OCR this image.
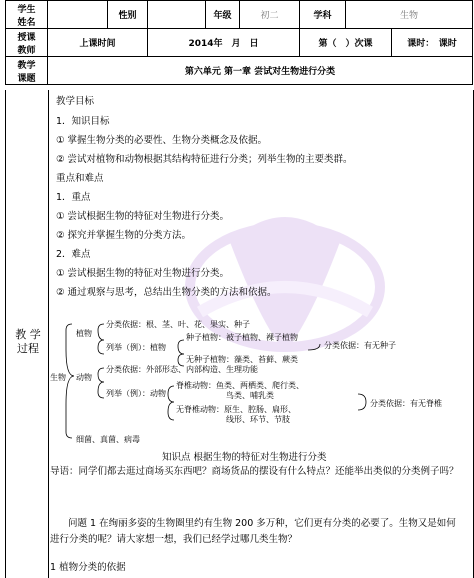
学生
姓名		性别		年级	初二	学科	生物	
授课
教师	上课时间		2014年　月　日			第（　）次课		课时：　课时
教学
课题	第六单元 第一章 尝试对生物进行分类							
教 学
过程
教学目标
1．知识目标
① 掌握生物分类的必要性、生物分类概念及依据。
② 尝试对植物和动物根据其结构特征进行分类；列举生物的主要类群。
重点和难点
1．重点
① 尝试根据生物的特征对生物进行分类。
② 探究并掌握生物的分类方法。
2．难点
① 尝试根据生物的特征对生物进行分类。
② 通过观察与思考，总结出生物分类的方法和依据。
生物
植物
动物
细菌、真菌、病毒
分类依据：根、茎、叶、花、果实、种子
列举（例）：植物
种子植物：被子植物、裸子植物
无种子植物：藻类、苔藓、蕨类
分类依据：有无种子
分类依据：外部形态、内部构造、生理功能
列举（例）：动物
脊椎动物：鱼类、两栖类、爬行类、
鸟类、哺乳类
无脊椎动物：原生、腔肠、扁形、
线形、环节、节肢
分类依据：有无脊椎
知识点 根据生物的特征对生物进行分类
导语：同学们都去逛过商场买东西吧？商场货品的摆设有什么特点？还能举出类似的分类例子吗？
问题 1 在绚丽多姿的生物圈里约有生物 200 多万种，它们更有分类的必要了。生物又是如何进行分类的呢？请大家想一想，我们已经学过哪几类生物？
1 植物分类的依据
